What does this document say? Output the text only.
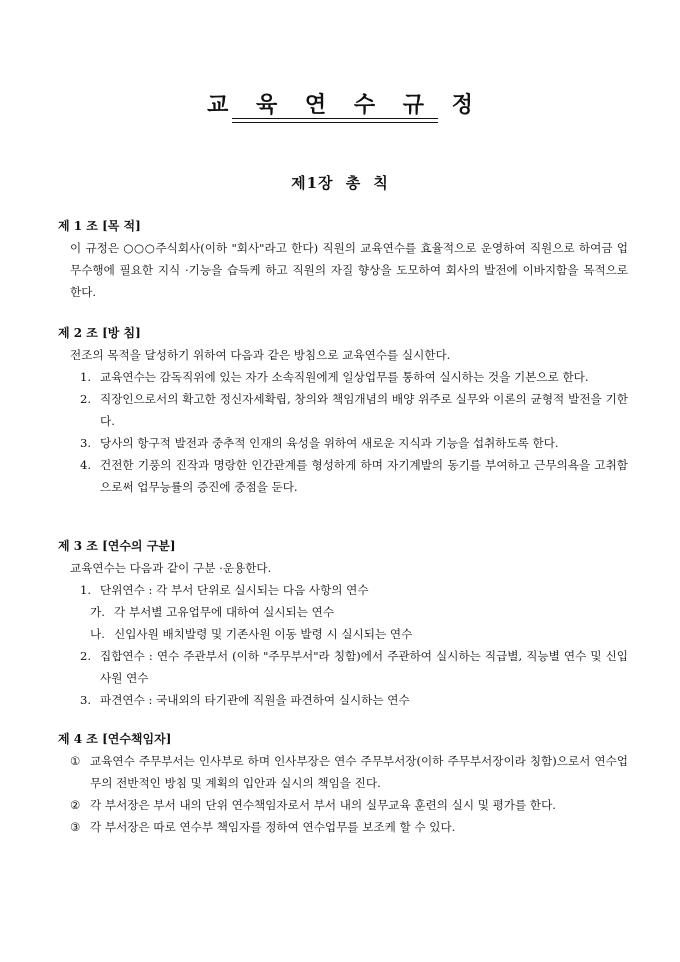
교 육 연 수 규 정
제1장 총 칙
제 1 조 [목 적]
이 규정은 ○○○주식회사(이하 "회사"라고 한다) 직원의 교육연수를 효율적으로 운영하여 직원으로 하여금 업무수행에 필요한 지식 ·기능을 습득케 하고 직원의 자질 향상을 도모하여 회사의 발전에 이바지함을 목적으로 한다.
제 2 조 [방 침]
전조의 목적을 달성하기 위하여 다음과 같은 방침으로 교육연수를 실시한다.
1. 교육연수는 감독직위에 있는 자가 소속직원에게 일상업무를 통하여 실시하는 것을 기본으로 한다.
2. 직장인으로서의 확고한 정신자세확립, 창의와 책임개념의 배양 위주로 실무와 이론의 균형적 발전을 기한다.
3. 당사의 항구적 발전과 중추적 인재의 육성을 위하여 새로운 지식과 기능을 섭취하도록 한다.
4. 건전한 기풍의 진작과 명랑한 인간관계를 형성하게 하며 자기계발의 동기를 부여하고 근무의욕을 고취함으로써 업무능률의 증진에 중점을 둔다.
제 3 조 [연수의 구분]
교육연수는 다음과 같이 구분 ·운용한다.
1. 단위연수 : 각 부서 단위로 실시되는 다음 사항의 연수
가. 각 부서별 고유업무에 대하여 실시되는 연수
나. 신입사원 배치발령 및 기존사원 이동 발령 시 실시되는 연수
2. 집합연수 : 연수 주관부서 (이하 "주무부서"라 칭함)에서 주관하여 실시하는 직급별, 직능별 연수 및 신입사원 연수
3. 파견연수 : 국내외의 타기관에 직원을 파견하여 실시하는 연수
제 4 조 [연수책임자]
① 교육연수 주무부서는 인사부로 하며 인사부장은 연수 주무부서장(이하 주무부서장이라 칭함)으로서 연수업무의 전반적인 방침 및 계획의 입안과 실시의 책임을 진다.
② 각 부서장은 부서 내의 단위 연수책임자로서 부서 내의 실무교육 훈련의 실시 및 평가를 한다.
③ 각 부서장은 따로 연수부 책임자를 정하여 연수업무를 보조케 할 수 있다.
